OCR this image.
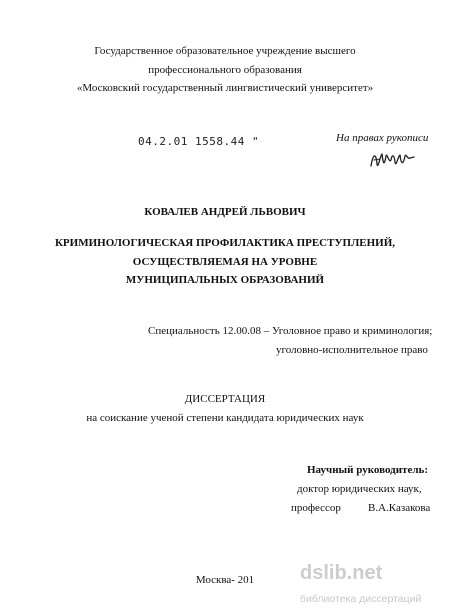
Государственное образовательное учреждение высшего
профессионального образования
«Московский государственный лингвистический университет»
04.2.01 1558.44 "	На правах рукописи
КОВАЛЕВ АНДРЕЙ ЛЬВОВИЧ
КРИМИНОЛОГИЧЕСКАЯ ПРОФИЛАКТИКА ПРЕСТУПЛЕНИЙ,
ОСУЩЕСТВЛЯЕМАЯ НА УРОВНЕ
МУНИЦИПАЛЬНЫХ ОБРАЗОВАНИЙ
Специальность 12.00.08 – Уголовное право и криминология;
уголовно-исполнительное право
ДИССЕРТАЦИЯ
на соискание ученой степени кандидата юридических наук
Научный руководитель:
доктор юридических наук,
профессор В.А.Казакова
Москва- 201	dslib.net
библиотека диссертаций
